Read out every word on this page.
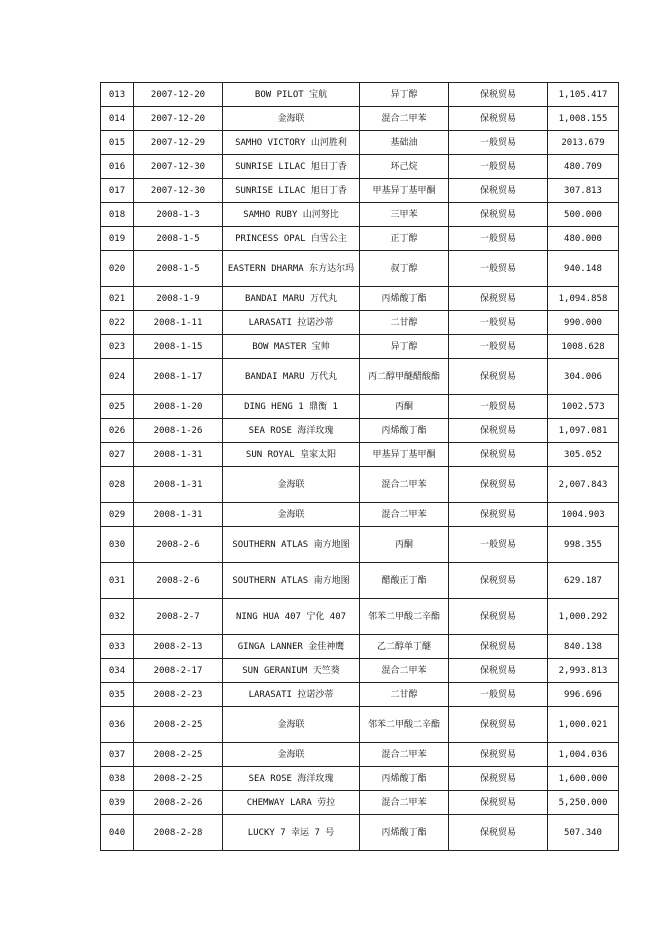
013	2007-12-20	BOW PILOT 宝航	异丁醇	保税贸易	1,105.417
014	2007-12-20	金海联	混合二甲苯	保税贸易	1,008.155
015	2007-12-29	SAMHO VICTORY 山河胜利	基础油	一般贸易	2013.679
016	2007-12-30	SUNRISE LILAC 旭日丁香	环己烷	一般贸易	480.709
017	2007-12-30	SUNRISE LILAC 旭日丁香	甲基异丁基甲酮	保税贸易	307.813
018	2008-1-3	SAMHO RUBY 山河努比	三甲苯	保税贸易	500.000
019	2008-1-5	PRINCESS OPAL 白雪公主	正丁醇	一般贸易	480.000
020	2008-1-5	EASTERN DHARMA 东方达尔玛	叔丁醇	一般贸易	940.148
021	2008-1-9	BANDAI MARU 万代丸	丙烯酸丁酯	保税贸易	1,094.858
022	2008-1-11	LARASATI 拉诺沙蒂	二甘醇	一般贸易	990.000
023	2008-1-15	BOW MASTER 宝帅	异丁醇	一般贸易	1008.628
024	2008-1-17	BANDAI MARU 万代丸	丙二醇甲醚醋酸酯	保税贸易	304.006
025	2008-1-20	DING HENG 1 鼎衡 1	丙酮	一般贸易	1002.573
026	2008-1-26	SEA ROSE 海洋玫瑰	丙烯酸丁酯	保税贸易	1,097.081
027	2008-1-31	SUN ROYAL 皇家太阳	甲基异丁基甲酮	保税贸易	305.052
028	2008-1-31	金海联	混合二甲苯	保税贸易	2,007.843
029	2008-1-31	金海联	混合二甲苯	保税贸易	1004.903
030	2008-2-6	SOUTHERN ATLAS 南方地图	丙酮	一般贸易	998.355
031	2008-2-6	SOUTHERN ATLAS 南方地图	醋酸正丁酯	保税贸易	629.187
032	2008-2-7	NING HUA 407 宁化 407	邻苯二甲酸二辛酯	保税贸易	1,000.292
033	2008-2-13	GINGA LANNER 金佳神鹰	乙二醇单丁醚	保税贸易	840.138
034	2008-2-17	SUN GERANIUM 天竺葵	混合二甲苯	保税贸易	2,993.813
035	2008-2-23	LARASATI 拉诺沙蒂	二甘醇	一般贸易	996.696
036	2008-2-25	金海联	邻苯二甲酸二辛酯	保税贸易	1,000.021
037	2008-2-25	金海联	混合二甲苯	保税贸易	1,004.036
038	2008-2-25	SEA ROSE 海洋玫瑰	丙烯酸丁酯	保税贸易	1,600.000
039	2008-2-26	CHEMWAY LARA 劳拉	混合二甲苯	保税贸易	5,250.000
040	2008-2-28	LUCKY 7 幸运 7 号	丙烯酸丁酯	保税贸易	507.340
